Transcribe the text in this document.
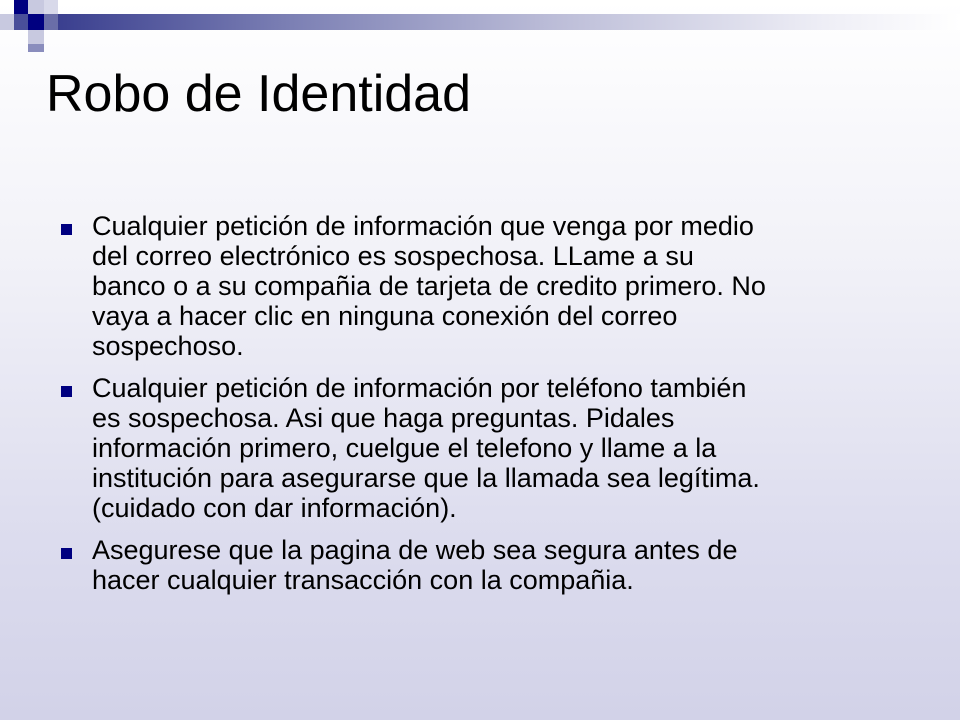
Robo de Identidad
Cualquier petición de información que venga por medio
del correo electrónico es sospechosa. LLame a su
banco o a su compañia de tarjeta de credito primero. No
vaya a hacer clic en ninguna conexión del correo
sospechoso.
Cualquier petición de información por teléfono también
es sospechosa. Asi que haga preguntas. Pidales
información primero, cuelgue el telefono y llame a la
institución para asegurarse que la llamada sea legítima.
(cuidado con dar información).
Asegurese que la pagina de web sea segura antes de
hacer cualquier transacción con la compañia.
